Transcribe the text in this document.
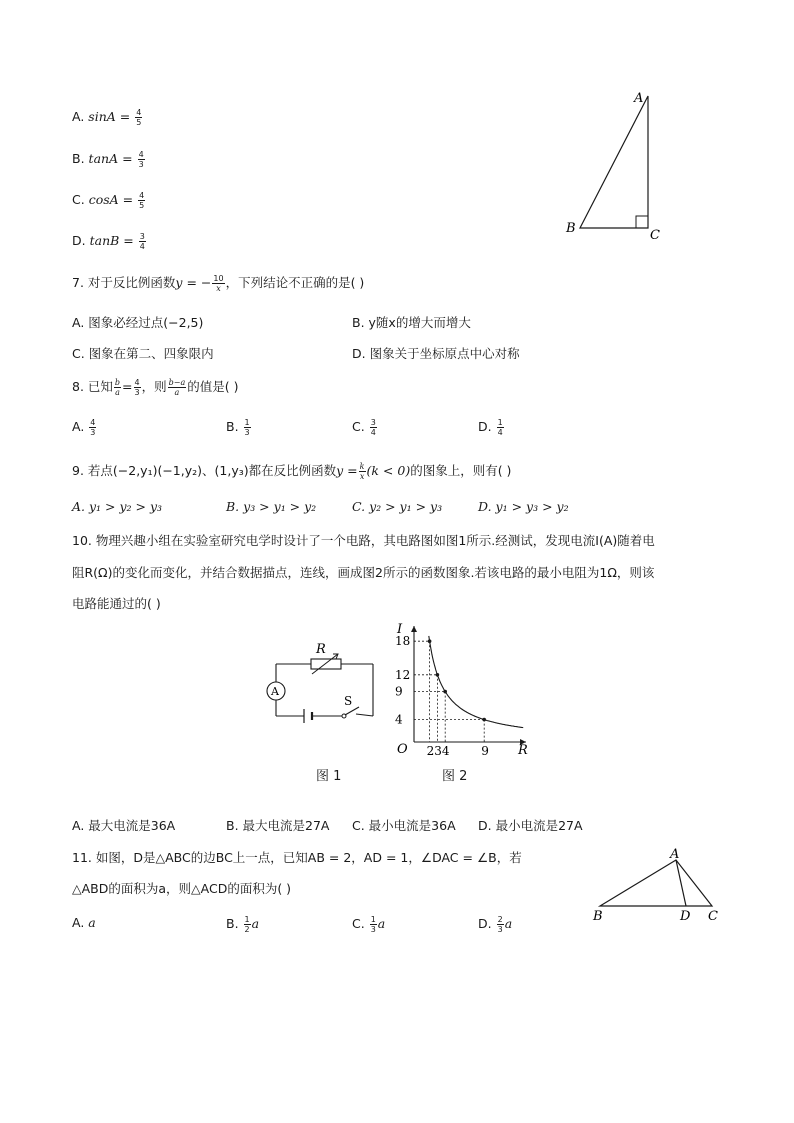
A. $\sin A = \frac{4}{5}$
B. $\tan A = \frac{4}{3}$
C. $\cos A = \frac{4}{5}$
D. $\tan B = \frac{3}{4}$
A
B	C
7. 对于反比例函数y = − $\frac{10}{x}$ ，下列结论不正确的是( )
A. 图象必经过点(−2,5)	B. y随x的增大而增大
C. 图象在第二、四象限内	D. 图象关于坐标原点中心对称
8. 已知 $\frac{b}{a} = \frac{4}{3}$ ，则 $\frac{b-a}{a}$ 的值是( )
A. $\frac{4}{3}$	B. $\frac{1}{3}$	C. $\frac{3}{4}$	D. $\frac{1}{4}$
9. 若点(−2,y₁)(−1,y₂)、(1,y₃)都在反比例函数$y = \frac{k}{x} (k < 0)$的图象上，则有( )
A. y₁ > y₂ > y₃	B. y₃ > y₁ > y₂	C. y₂ > y₁ > y₃	D. y₁ > y₃ > y₂
10. 物理兴趣小组在实验室研究电学时设计了一个电路，其电路图如图1所示.经测试，发现电流I(A)随着电
阻R(Ω)的变化而变化，并结合数据描点，连线，画成图2所示的函数图象.若该电路的最小电阻为1Ω，则该
电路能通过的( )
R
A
S
图 1
I
R
O
18
12
9
4
234	9
图 2
A. 最大电流是36A	B. 最大电流是27A C. 最小电流是36A D. 最小电流是27A
11. 如图，D是△ABC的边BC上一点，已知AB = 2，AD = 1，∠DAC = ∠B，若
△ABD的面积为a，则△ACD的面积为( )
A. a	B. $\frac{1}{2}$ a	C. $\frac{1}{3}$ a	D. $\frac{2}{3}$ a
A
B	D C
